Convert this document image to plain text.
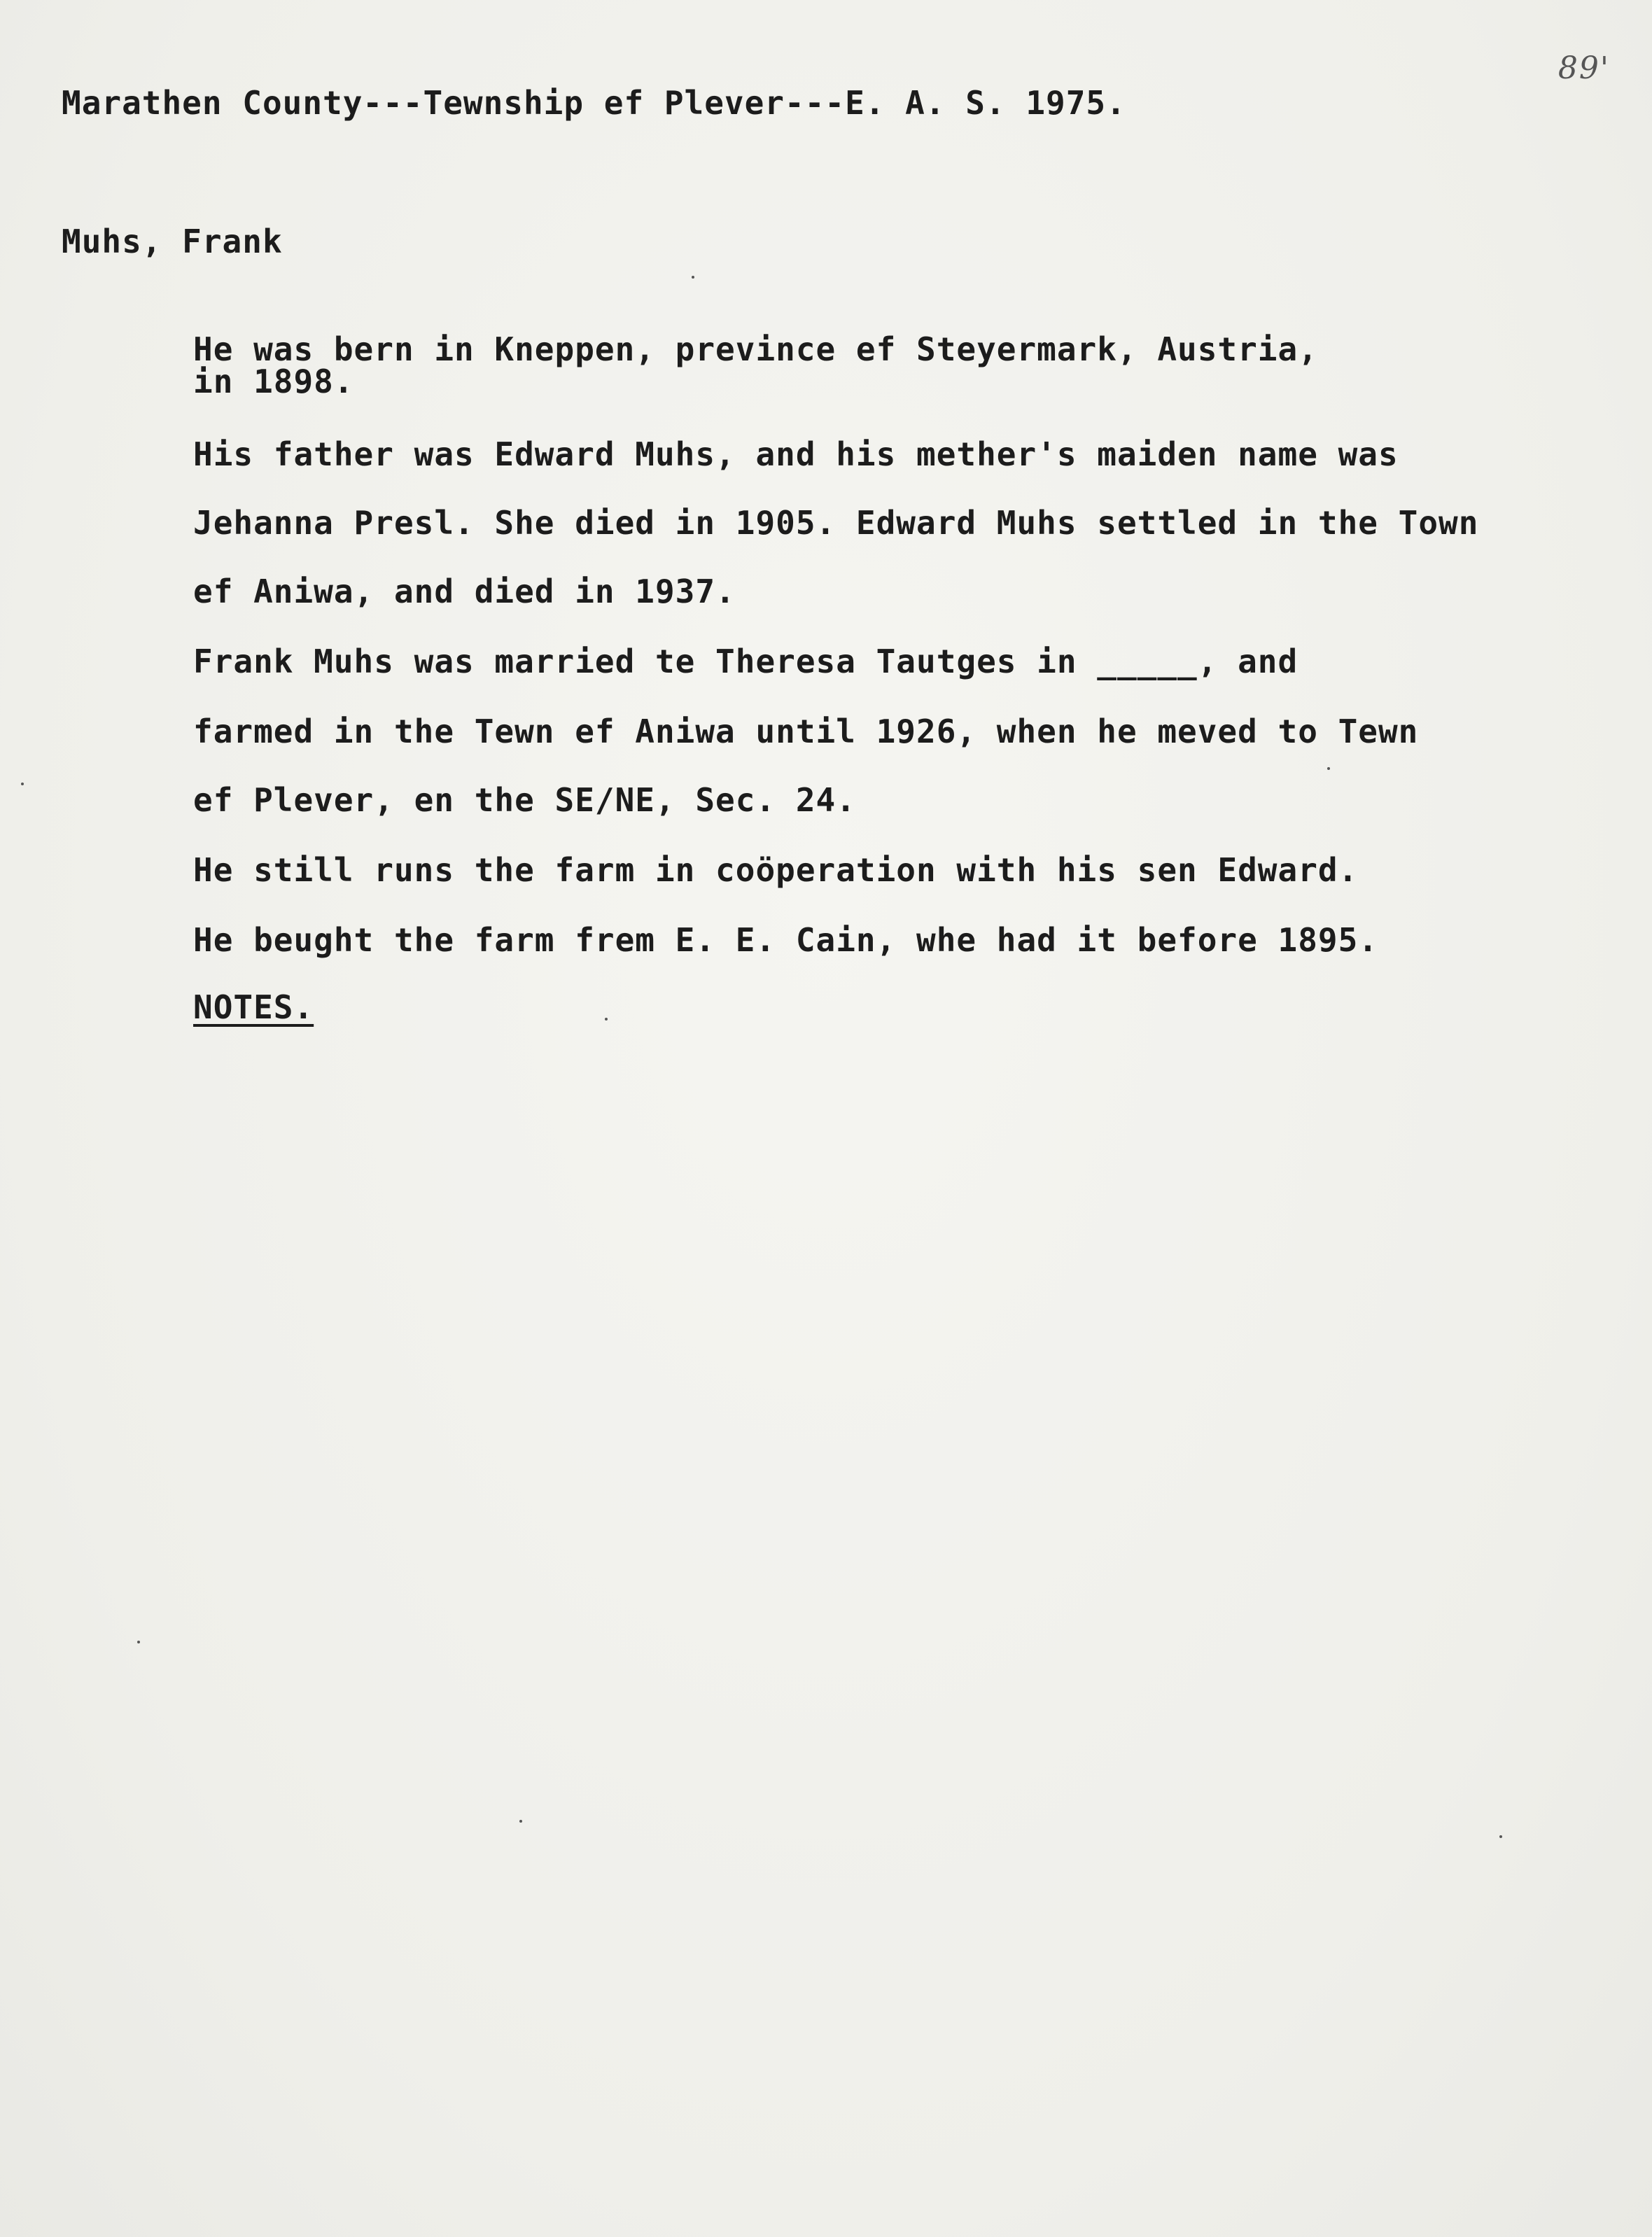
89'
Marathen County---Tewnship ef Plever---E. A. S. 1975.
Muhs, Frank
He was bern in Kneppen, prevince ef Steyermark, Austria,
in 1898.
His father was Edward Muhs, and his mether's maiden name was
Jehanna Presl. She died in 1905. Edward Muhs settled in the Town
ef Aniwa, and died in 1937.
Frank Muhs was married te Theresa Tautges in _____, and
farmed in the Tewn ef Aniwa until 1926, when he meved to Tewn
ef Plever, en the SE/NE, Sec. 24.
He still runs the farm in coöperation with his sen Edward.
He beught the farm frem E. E. Cain, whe had it before 1895.
NOTES.
